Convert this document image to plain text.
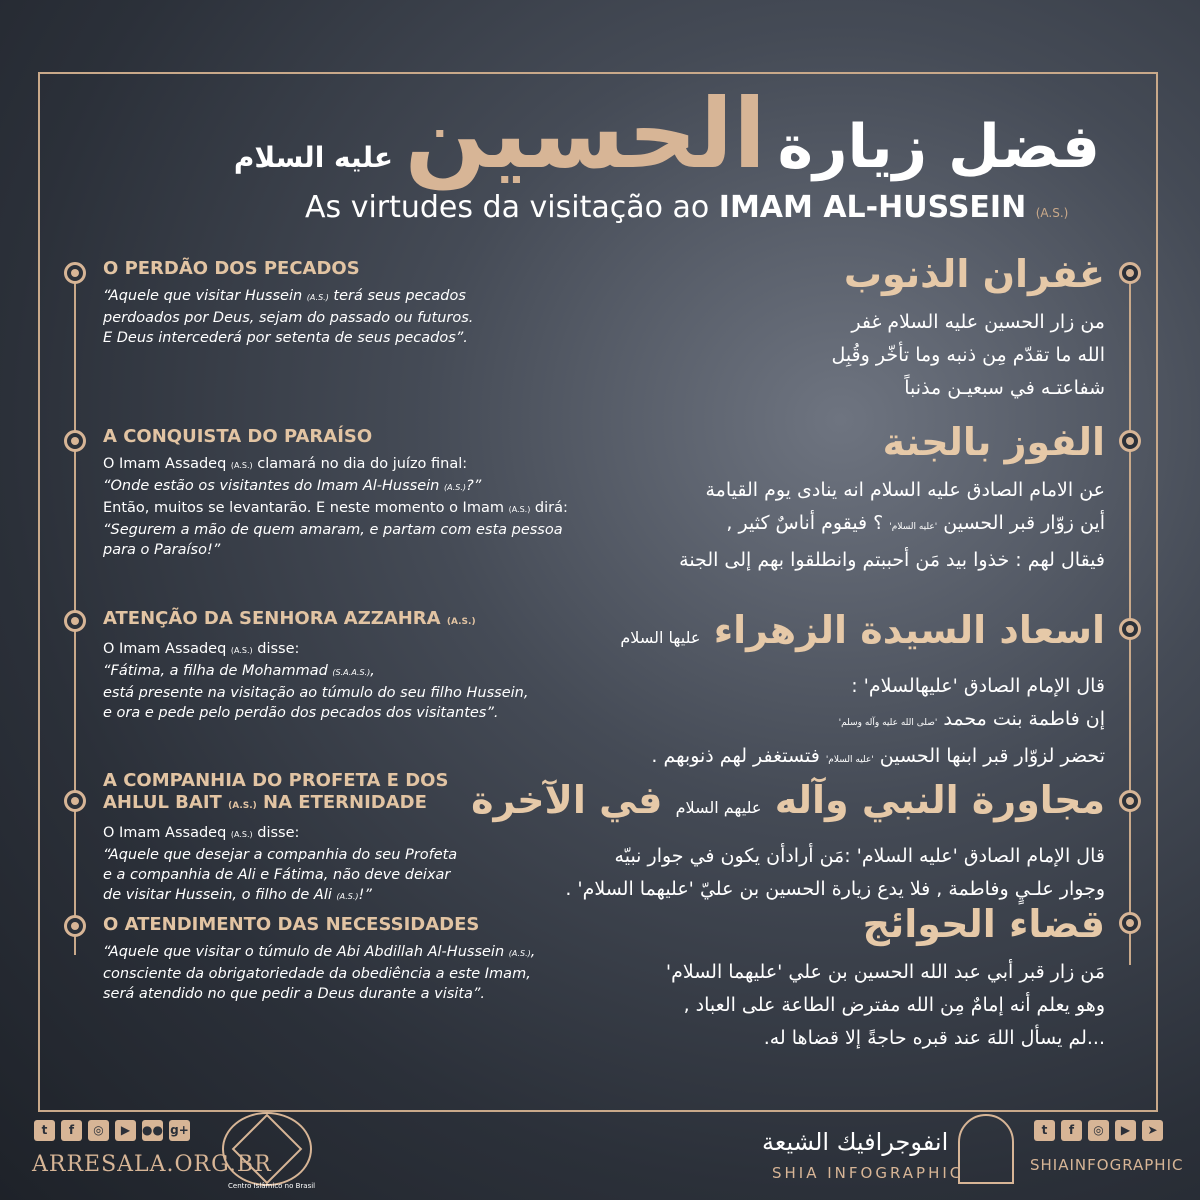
فضل زيارة الحسين عليه السلام
As virtudes da visitação ao IMAM AL-HUSSEIN (A.S.)
O PERDÃO DOS PECADOS

“Aquele que visitar Hussein (A.S.) terá seus pecados

perdoados por Deus, sejam do passado ou futuros.

E Deus intercederá por setenta de seus pecados”.

A CONQUISTA DO PARAÍSO

O Imam Assadeq (A.S.) clamará no dia do juízo final:

“Onde estão os visitantes do Imam Al-Hussein (A.S.)?”

Então, muitos se levantarão. E neste momento o Imam (A.S.) dirá:

“Segurem a mão de quem amaram, e partam com esta pessoa

para o Paraíso!”

ATENÇÃO DA SENHORA AZZAHRA (A.S.)

O Imam Assadeq (A.S.) disse:

“Fátima, a filha de Mohammad (S.A.A.S.),

está presente na visitação ao túmulo do seu filho Hussein,

e ora e pede pelo perdão dos pecados dos visitantes”.

A COMPANHIA DO PROFETA E DOS
AHLUL BAIT (A.S.) NA ETERNIDADE

O Imam Assadeq (A.S.) disse:

“Aquele que desejar a companhia do seu Profeta

e a companhia de Ali e Fátima, não deve deixar

de visitar Hussein, o filho de Ali (A.S.)!”

O ATENDIMENTO DAS NECESSIDADES

“Aquele que visitar o túmulo de Abi Abdillah Al-Hussein (A.S.),

consciente da obrigatoriedade da obediência a este Imam,

será atendido no que pedir a Deus durante a visita”.

غفران الذنوب

من زار الحسين عليه السلام غفر

الله ما تقدّم مِن ذنبه وما تأخّر وقُبِل

شفاعتـه في سبعيـن مذنباً

الفوز بالجنة

عن الامام الصادق عليه السلام انه ينادى يوم القيامة

أين زوّار قبر الحسين 'عليه السلام' ؟ فيقوم أناسٌ كثير ,

فيقال لهم : خذوا بيد مَن أحببتم وانطلقوا بهم إلى الجنة

اسعاد السيدة الزهراء عليها السلام

قال الإمام الصادق 'عليهالسلام' :

إن فاطمة بنت محمد 'صلى الله عليه وآله وسلم'

تحضر لزوّار قبر ابنها الحسين 'عليه السلام' فتستغفر لهم ذنوبهم .

مجاورة النبي وآله عليهم السلام في الآخرة

قال الإمام الصادق 'عليه السلام' :مَن أرادأن يكون في جوار نبيّه

وجوار علـيٍ وفاطمة , فلا يدع زيارة الحسين بن عليّ 'عليهما السلام' .

قضاء الحوائج

مَن زار قبر أبي عبد الله الحسين بن علي 'عليهما السلام'

وهو يعلم أنه إمامٌ مِن الله مفترض الطاعة على العباد ,

...لم يسأل اللهَ عند قبره حاجةً إلا قضاها له.

t	f	◎	▶ ●● g+
ARRESALA.ORG.BR
Centro Islâmico no Brasil
انفوجرافيك الشيعة
SHIA INFOGRAPHIC
t	f	◎	▶	➤
SHIAINFOGRAPHIC
